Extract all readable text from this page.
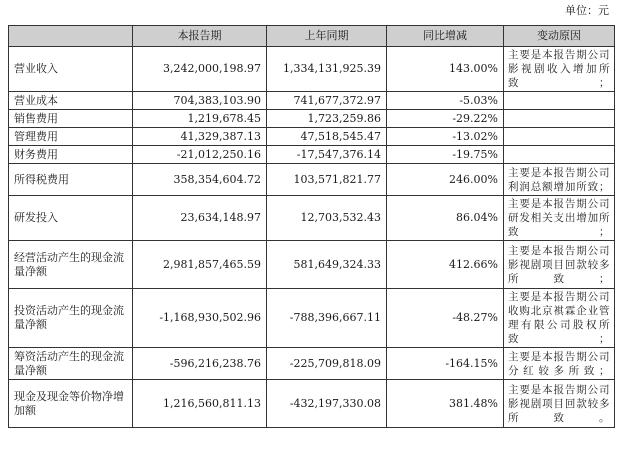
单位：元
	本报告期	上年同期	同比增减	变动原因
营业收入	3,242,000,198.97	1,334,131,925.39	143.00%	主要是本报告期公司影视剧收入增加所致；
营业成本	704,383,103.90	741,677,372.97	-5.03%	
销售费用	1,219,678.45	1,723,259.86	-29.22%	
管理费用	41,329,387.13	47,518,545.47	-13.02%	
财务费用	-21,012,250.16	-17,547,376.14	-19.75%	
所得税费用	358,354,604.72	103,571,821.77	246.00%	主要是本报告期公司利润总额增加所致；
研发投入	23,634,148.97	12,703,532.43	86.04%	主要是本报告期公司研发相关支出增加所致；
经营活动产生的现金流量净额	2,981,857,465.59	581,649,324.33	412.66%	主要是本报告期公司影视剧项目回款较多所致；
投资活动产生的现金流量净额	-1,168,930,502.96	-788,396,667.11	-48.27%	主要是本报告期公司收购北京褀霖企业管理有限公司股权所致；
筹资活动产生的现金流量净额	-596,216,238.76	-225,709,818.09	-164.15%	主要是本报告期公司分红较多所致；
现金及现金等价物净增加额	1,216,560,811.13	-432,197,330.08	381.48%	主要是本报告期公司影视剧项目回款较多所致。
